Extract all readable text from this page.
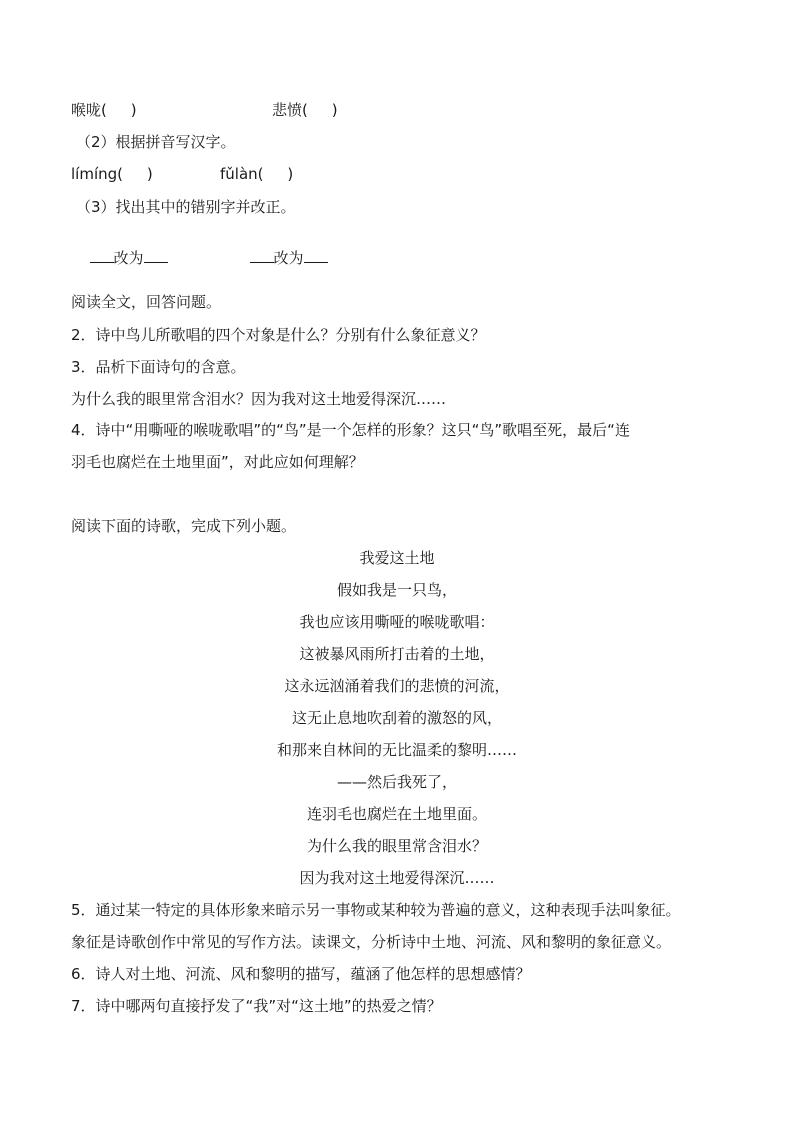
喉咙(     )	悲愤(     )
（2）根据拼音写汉字。
límíng(     )	fǔlàn(     )
（3）找出其中的错别字并改正。

改为	改为

阅读全文，回答问题。
2．诗中鸟儿所歌唱的四个对象是什么？分别有什么象征意义？
3．品析下面诗句的含意。
为什么我的眼里常含泪水？因为我对这土地爱得深沉……
4．诗中“用嘶哑的喉咙歌唱”的“鸟”是一个怎样的形象？这只“鸟”歌唱至死，最后“连
羽毛也腐烂在土地里面”，对此应如何理解？
阅读下面的诗歌，完成下列小题。
我爱这土地
假如我是一只鸟，
我也应该用嘶哑的喉咙歌唱：
这被暴风雨所打击着的土地，
这永远汹涌着我们的悲愤的河流，
这无止息地吹刮着的激怒的风，
和那来自林间的无比温柔的黎明……
——然后我死了，
连羽毛也腐烂在土地里面。
为什么我的眼里常含泪水？
因为我对这土地爱得深沉……
5．通过某一特定的具体形象来暗示另一事物或某种较为普遍的意义，这种表现手法叫象征。
象征是诗歌创作中常见的写作方法。读课文，分析诗中土地、河流、风和黎明的象征意义。
6．诗人对土地、河流、风和黎明的描写，蕴涵了他怎样的思想感情？
7．诗中哪两句直接抒发了“我”对“这土地”的热爱之情？
